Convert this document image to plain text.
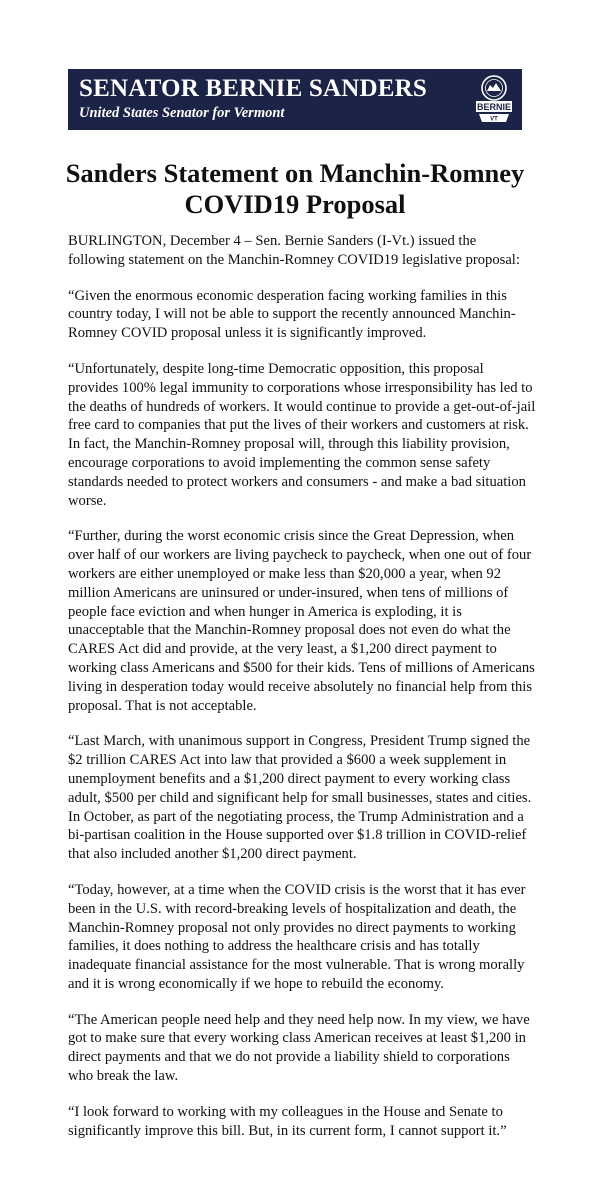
SENATOR BERNIE SANDERS
United States Senator for Vermont	BERNIE
VT
Sanders Statement on Manchin-Romney COVID19 Proposal

BURLINGTON, December 4 – Sen. Bernie Sanders (I-Vt.) issued the following statement on the Manchin-Romney COVID19 legislative proposal:

“Given the enormous economic desperation facing working families in this country today, I will not be able to support the recently announced Manchin-Romney COVID proposal unless it is significantly improved.

“Unfortunately, despite long-time Democratic opposition, this proposal provides 100% legal immunity to corporations whose irresponsibility has led to the deaths of hundreds of workers. It would continue to provide a get-out-of-jail free card to companies that put the lives of their workers and customers at risk. In fact, the Manchin-Romney proposal will, through this liability provision, encourage corporations to avoid implementing the common sense safety standards needed to protect workers and consumers - and make a bad situation worse.

“Further, during the worst economic crisis since the Great Depression, when over half of our workers are living paycheck to paycheck, when one out of four workers are either unemployed or make less than $20,000 a year, when 92 million Americans are uninsured or under-insured, when tens of millions of people face eviction and when hunger in America is exploding, it is unacceptable that the Manchin-Romney proposal does not even do what the CARES Act did and provide, at the very least, a $1,200 direct payment to working class Americans and $500 for their kids. Tens of millions of Americans living in desperation today would receive absolutely no financial help from this proposal. That is not acceptable.

“Last March, with unanimous support in Congress, President Trump signed the $2 trillion CARES Act into law that provided a $600 a week supplement in unemployment benefits and a $1,200 direct payment to every working class adult, $500 per child and significant help for small businesses, states and cities. In October, as part of the negotiating process, the Trump Administration and a bi-partisan coalition in the House supported over $1.8 trillion in COVID-relief that also included another $1,200 direct payment.

“Today, however, at a time when the COVID crisis is the worst that it has ever been in the U.S. with record-breaking levels of hospitalization and death, the Manchin-Romney proposal not only provides no direct payments to working families, it does nothing to address the healthcare crisis and has totally inadequate financial assistance for the most vulnerable. That is wrong morally and it is wrong economically if we hope to rebuild the economy.

“The American people need help and they need help now. In my view, we have got to make sure that every working class American receives at least $1,200 in direct payments and that we do not provide a liability shield to corporations who break the law.

“I look forward to working with my colleagues in the House and Senate to significantly improve this bill. But, in its current form, I cannot support it.”
